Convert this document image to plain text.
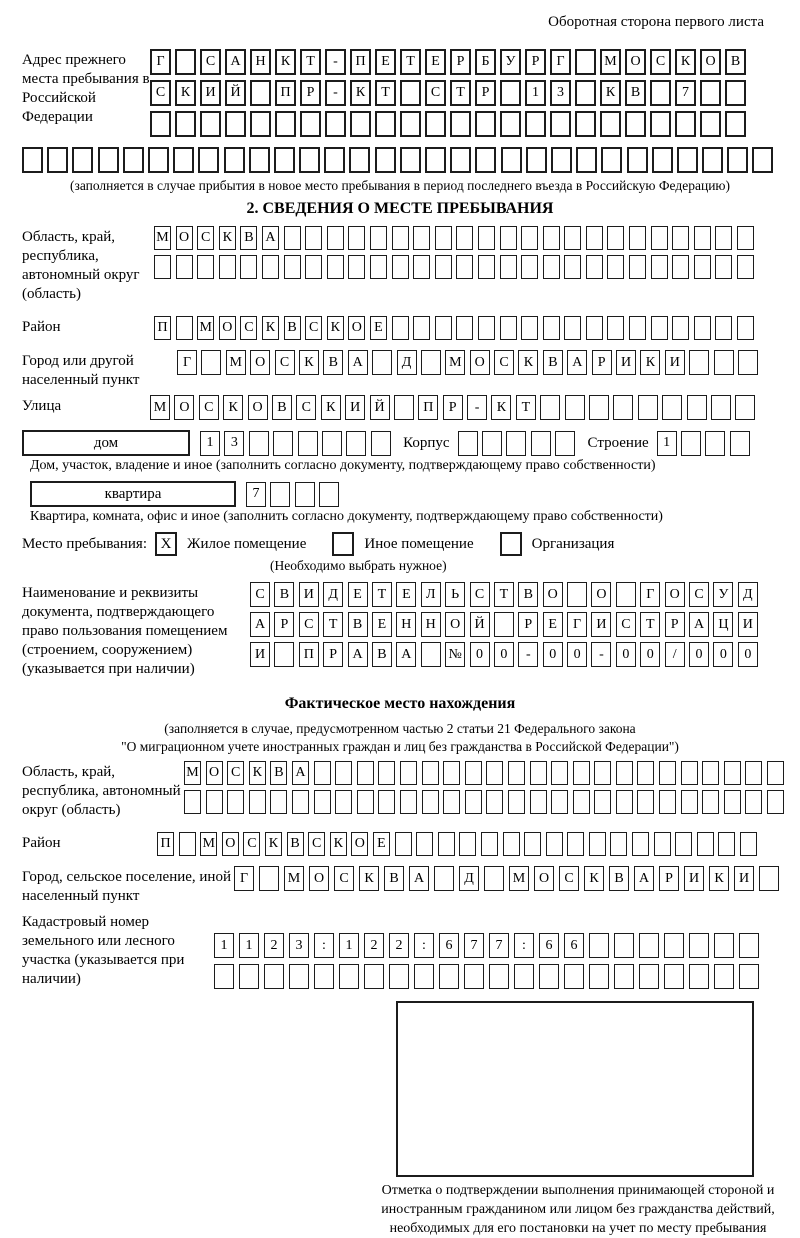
Оборотная сторона первого листа
Адрес прежнего места пребывания в Российской Федерации
Г	С	А	Н	К	Т	-	П	Е	Т	Е	Р	Б	У	Р	Г	М О	С	К	О	В
С	К	И	Й	П	Р	-	К	Т	С	Т	Р	1	3	К	В	7
(заполняется в случае прибытия в новое место пребывания в период последнего въезда в Российскую Федерацию)
2. СВЕДЕНИЯ О МЕСТЕ ПРЕБЫВАНИЯ
Область, край, республика, автономный округ (область)
М О С К В А
Район	П М О С К В С К О Е
Город или другой населенный пункт
Г	М О	С	К	В	А	Д	М О	С	К	В	А	Р	И	К	И
Улица	М О	С	К	О	В	С	К	И	Й	П	Р	-	К	Т
дом	1	3	Корпус	Строение	1
Дом, участок, владение и иное (заполнить согласно документу, подтверждающему право собственности)
квартира	7
Квартира, комната, офис и иное (заполнить согласно документу, подтверждающему право собственности)
Место пребывания: X	Жилое помещение	Иное помещение	Организация
(Необходимо выбрать нужное)
Наименование и реквизиты документа, подтверждающего право пользования помещением (строением, сооружением) (указывается при наличии)
С	В	И	Д	Е	Т	Е	Л	Ь	С	Т	В	О	О	Г	О	С	У	Д
А	Р	С	Т	В	Е	Н	Н	О	Й	Р	Е	Г	И	С	Т	Р	А	Ц	И
И	П	Р	А	В	А	№	0	0	-	0	0	-	0	0	/	0	0	0
Фактическое место нахождения
(заполняется в случае, предусмотренном частью 2 статьи 21 Федерального закона
"О миграционном учете иностранных граждан и лиц без гражданства в Российской Федерации")
Область, край, республика, автономный округ (область)
М О С К В А
Район	П М О С К В С К О Е
Город, сельское поселение, иной населенный пункт
Г	М О	С	К	В	А	Д	М О	С	К	В	А	Р	И	К	И
Кадастровый номер земельного или лесного участка (указывается при наличии)
1	1	2	3	:	1	2	2	:	6	7	7	:	6	6
Отметка о подтверждении выполнения принимающей стороной и иностранным гражданином или лицом без гражданства действий, необходимых для его постановки на учет по месту пребывания
